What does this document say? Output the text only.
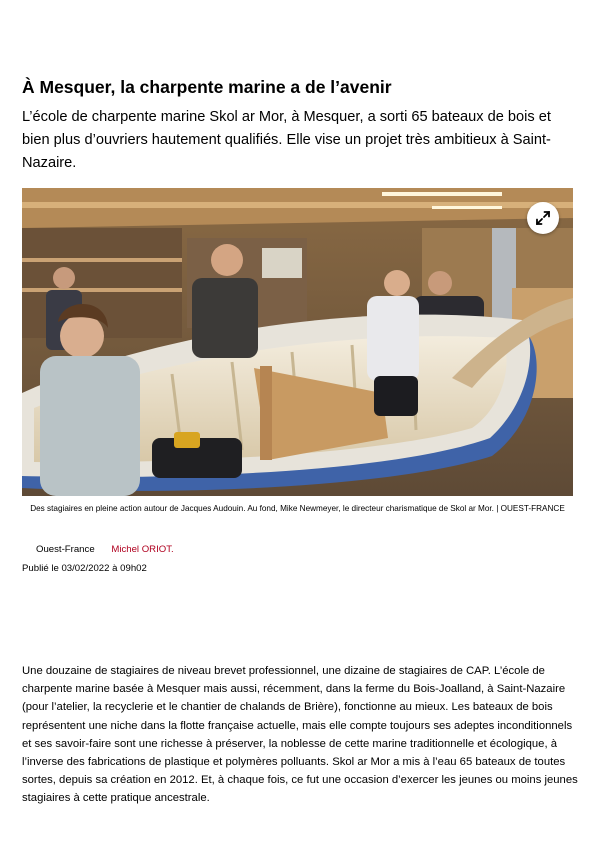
À Mesquer, la charpente marine a de l’avenir

L’école de charpente marine Skol ar Mor, à Mesquer, a sorti 65 bateaux de bois et bien plus d’ouvriers hautement qualifiés. Elle vise un projet très ambitieux à Saint-Nazaire.

Des stagiaires en pleine action autour de Jacques Audouin. Au fond, Mike Newmeyer, le directeur charismatique de Skol ar Mor. | OUEST-FRANCE

Ouest-France Michel ORIOT.
Publié le 03/02/2022 à 09h02

Une douzaine de stagiaires de niveau brevet professionnel, une dizaine de stagiaires de CAP. L’école de charpente marine basée à Mesquer mais aussi, récemment, dans la ferme du Bois-Joalland, à Saint-Nazaire (pour l’atelier, la recyclerie et le chantier de chalands de Brière), fonctionne au mieux. Les bateaux de bois représentent une niche dans la flotte française actuelle, mais elle compte toujours ses adeptes inconditionnels et ses savoir-faire sont une richesse à préserver, la noblesse de cette marine traditionnelle et écologique, à l’inverse des fabrications de plastique et polymères polluants. Skol ar Mor a mis à l’eau 65 bateaux de toutes sortes, depuis sa création en 2012. Et, à chaque fois, ce fut une occasion d’exercer les jeunes ou moins jeunes stagiaires à cette pratique ancestrale.
